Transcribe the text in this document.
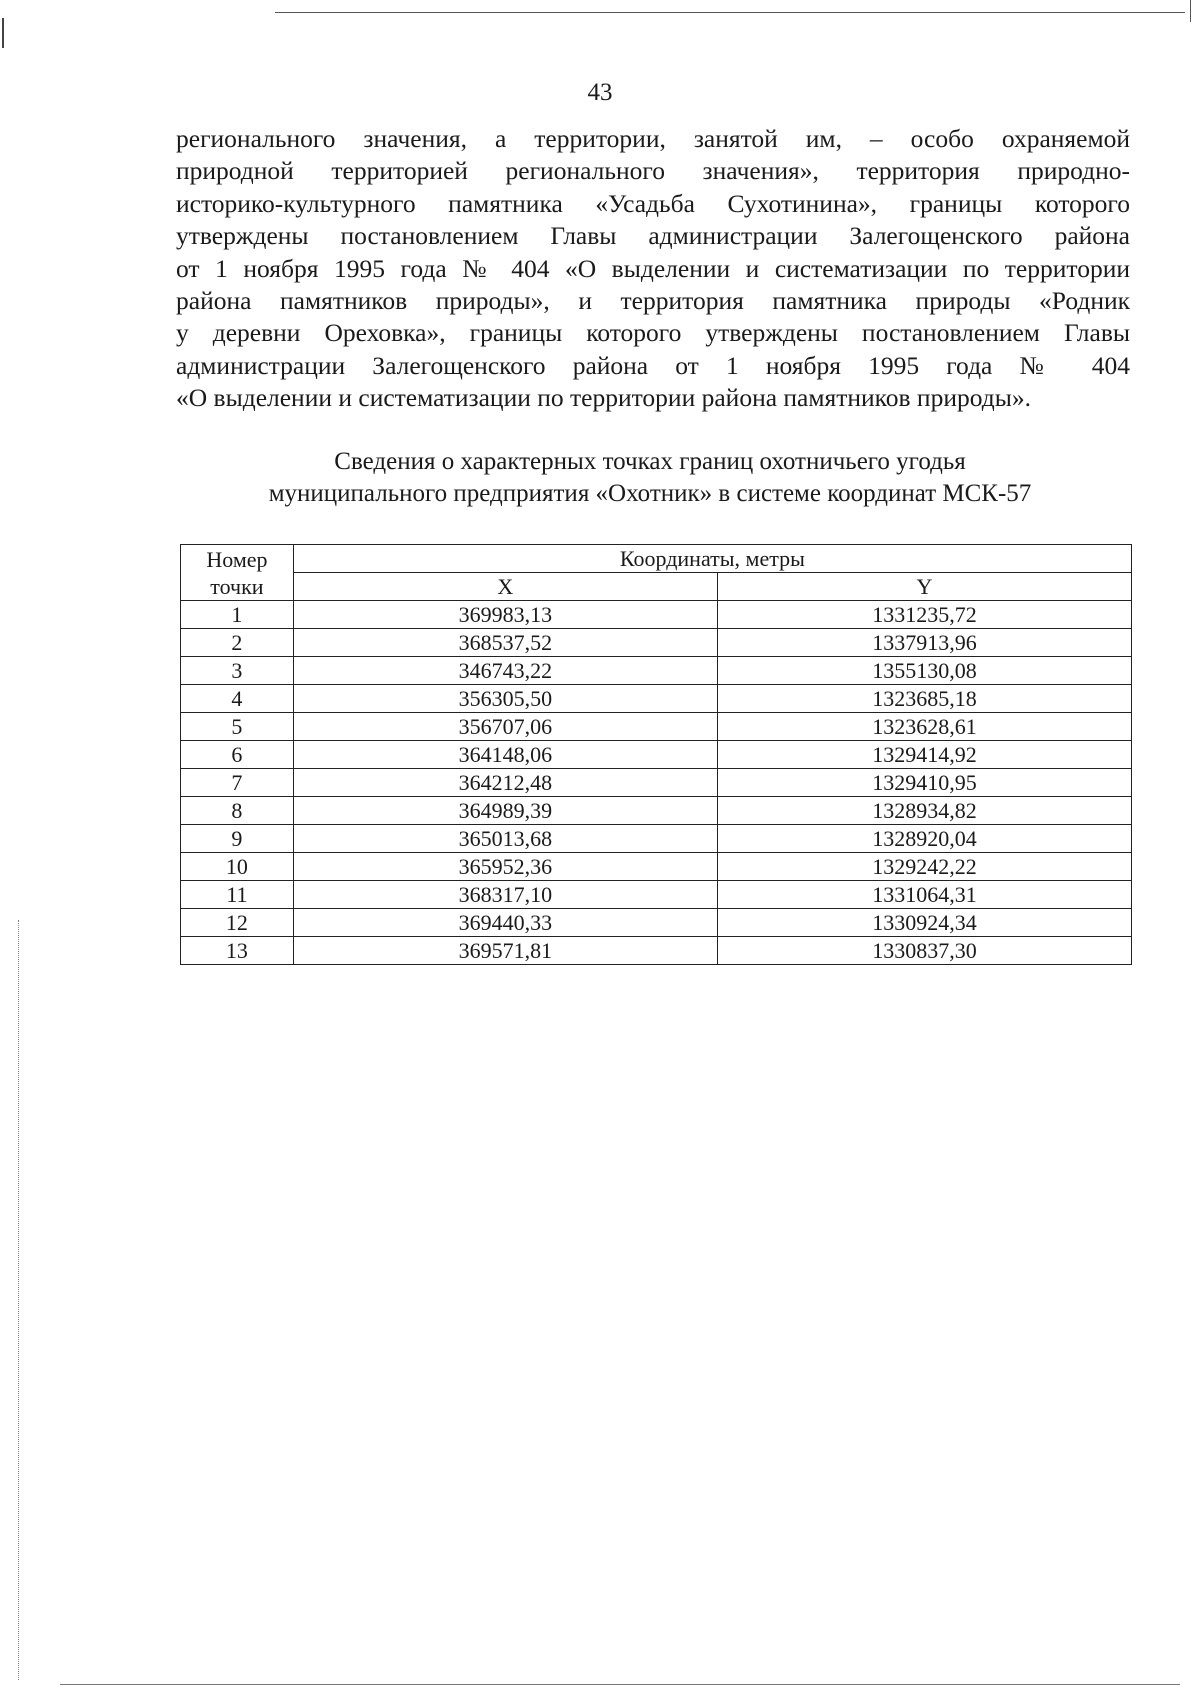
43
регионального значения, а территории, занятой им, – особо охраняемой
природной территорией регионального значения», территория природно-
историко-культурного памятника «Усадьба Сухотинина», границы которого
утверждены постановлением Главы администрации Залегощенского района
от 1 ноября 1995 года № 404 «О выделении и систематизации по территории
района памятников природы», и территория памятника природы «Родник
у деревни Ореховка», границы которого утверждены постановлением Главы
администрации Залегощенского района от 1 ноября 1995 года № 404
«О выделении и систематизации по территории района памятников природы».
Сведения о характерных точках границ охотничьего угодья
муниципального предприятия «Охотник» в системе координат МСК-57
Номер
точки	Координаты, метры	
	X	Y
1	369983,13	1331235,72
2	368537,52	1337913,96
3	346743,22	1355130,08
4	356305,50	1323685,18
5	356707,06	1323628,61
6	364148,06	1329414,92
7	364212,48	1329410,95
8	364989,39	1328934,82
9	365013,68	1328920,04
10	365952,36	1329242,22
11	368317,10	1331064,31
12	369440,33	1330924,34
13	369571,81	1330837,30
